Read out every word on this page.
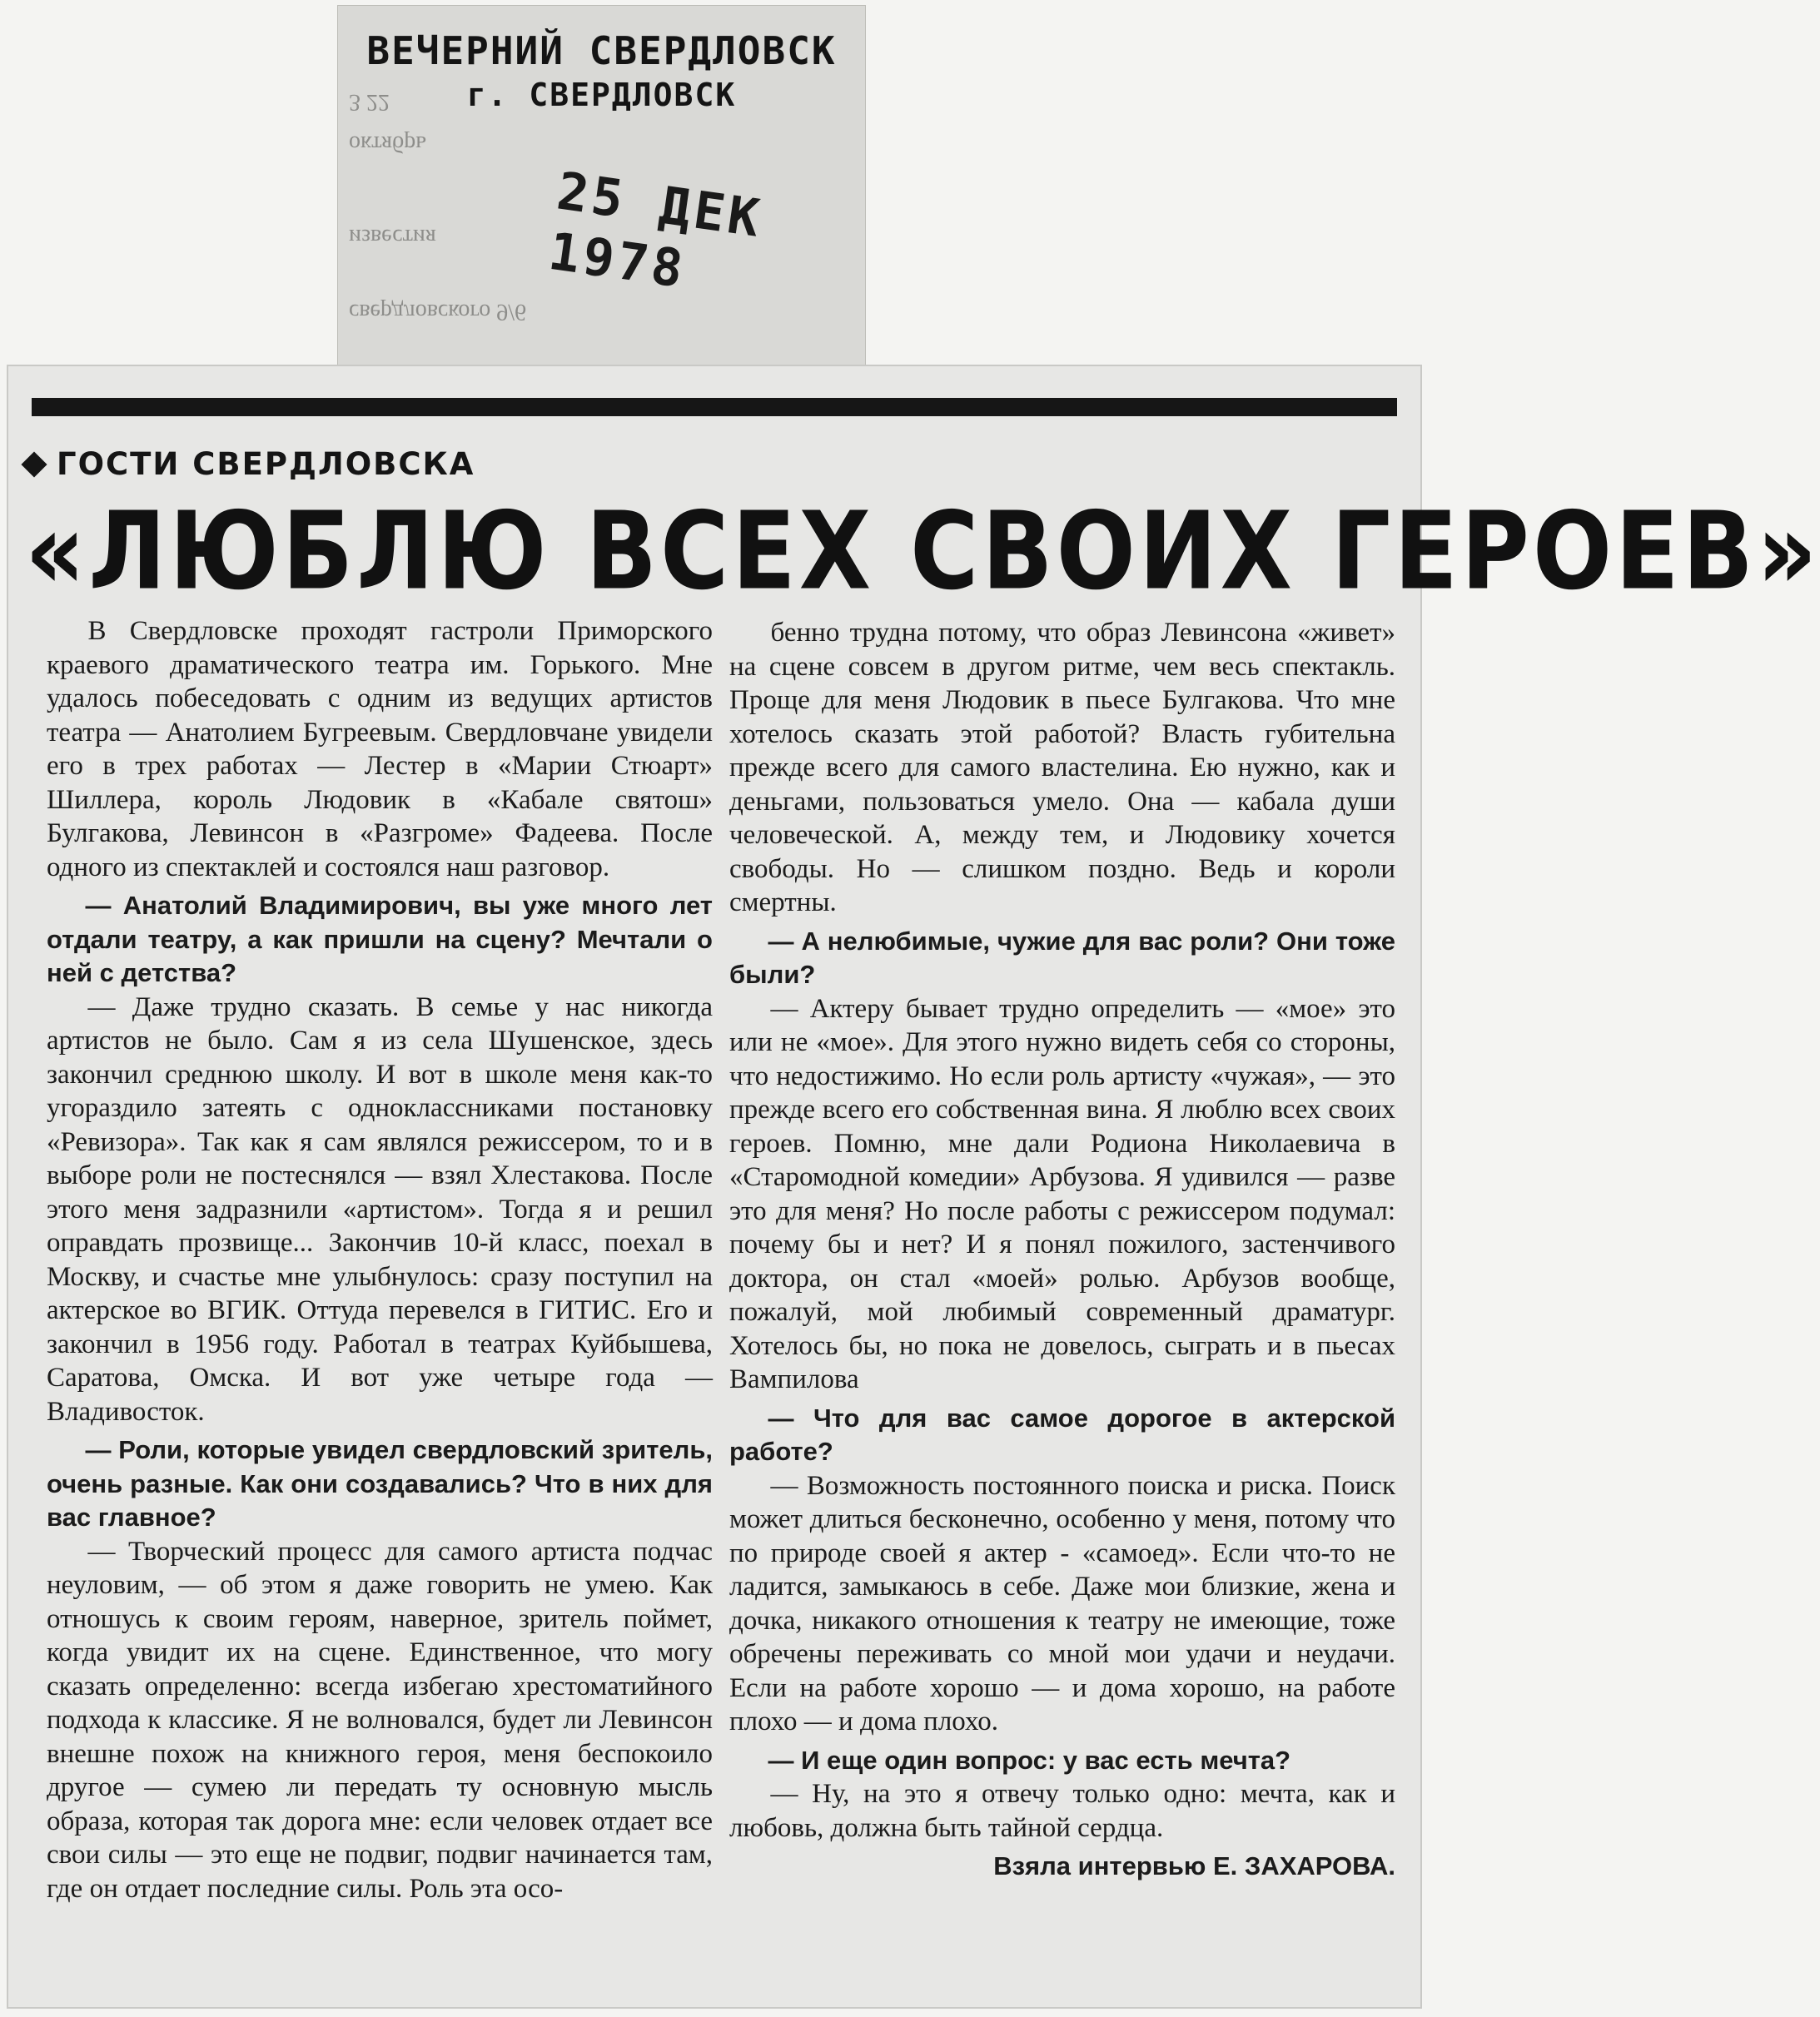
3 22
октябрь
известия
свердловского 9/6
ВЕЧЕРНИЙ СВЕРДЛОВСК
г. СВЕРДЛОВСК
25 ДЕК 1978
ГОСТИ СВЕРДЛОВСКА
«ЛЮБЛЮ ВСЕХ СВОИХ ГЕРОЕВ»

В Свердловске проходят гастроли Приморского краевого драматического театра им. Горького. Мне удалось побеседовать с одним из ведущих артистов театра — Анатолием Бугреевым. Свердловчане увидели его в трех работах — Лестер в «Марии Стюарт» Шиллера, король Людовик в «Кабале святош» Булгакова, Левинсон в «Разгроме» Фадеева. После одного из спектаклей и состоялся наш разговор.

— Анатолий Владимирович, вы уже много лет отдали театру, а как пришли на сцену? Мечтали о ней с детства?

— Даже трудно сказать. В семье у нас никогда артистов не было. Сам я из села Шушенское, здесь закончил среднюю школу. И вот в школе меня как-то угораздило затеять с одноклассниками постановку «Ревизора». Так как я сам являлся режиссером, то и в выборе роли не постеснялся — взял Хлестакова. После этого меня задразнили «артистом». Тогда я и решил оправдать прозвище... Закончив 10-й класс, поехал в Москву, и счастье мне улыбнулось: сразу поступил на актерское во ВГИК. Оттуда перевелся в ГИТИС. Его и закончил в 1956 году. Работал в театрах Куйбышева, Саратова, Омска. И вот уже четыре года — Владивосток.

— Роли, которые увидел свердловский зритель, очень разные. Как они создавались? Что в них для вас главное?

— Творческий процесс для самого артиста подчас неуловим, — об этом я даже говорить не умею. Как отношусь к своим героям, наверное, зритель поймет, когда увидит их на сцене. Единственное, что могу сказать определенно: всегда избегаю хрестоматийного подхода к классике. Я не волновался, будет ли Левинсон внешне похож на книжного героя, меня беспокоило другое — сумею ли передать ту основную мысль образа, которая так дорога мне: если человек отдает все свои силы — это еще не подвиг, подвиг начинается там, где он отдает последние силы. Роль эта осо-

бенно трудна потому, что образ Левинсона «живет» на сцене совсем в другом ритме, чем весь спектакль. Проще для меня Людовик в пьесе Булгакова. Что мне хотелось сказать этой работой? Власть губительна прежде всего для самого властелина. Ею нужно, как и деньгами, пользоваться умело. Она — кабала души человеческой. А, между тем, и Людовику хочется свободы. Но — слишком поздно. Ведь и короли смертны.

— А нелюбимые, чужие для вас роли? Они тоже были?

— Актеру бывает трудно определить — «мое» это или не «мое». Для этого нужно видеть себя со стороны, что недостижимо. Но если роль артисту «чужая», — это прежде всего его собственная вина. Я люблю всех своих героев. Помню, мне дали Родиона Николаевича в «Старомодной комедии» Арбузова. Я удивился — разве это для меня? Но после работы с режиссером подумал: почему бы и нет? И я понял пожилого, застенчивого доктора, он стал «моей» ролью. Арбузов вообще, пожалуй, мой любимый современный драматург. Хотелось бы, но пока не довелось, сыграть и в пьесах Вампилова

— Что для вас самое дорогое в актерской работе?

— Возможность постоянного поиска и риска. Поиск может длиться бесконечно, особенно у меня, потому что по природе своей я актер - «самоед». Если что-то не ладится, замыкаюсь в себе. Даже мои близкие, жена и дочка, никакого отношения к театру не имеющие, тоже обречены переживать со мной мои удачи и неудачи. Если на работе хорошо — и дома хорошо, на работе плохо — и дома плохо.

— И еще один вопрос: у вас есть мечта?

— Ну, на это я отвечу только одно: мечта, как и любовь, должна быть тайной сердца.

Взяла интервью Е. ЗАХАРОВА.
